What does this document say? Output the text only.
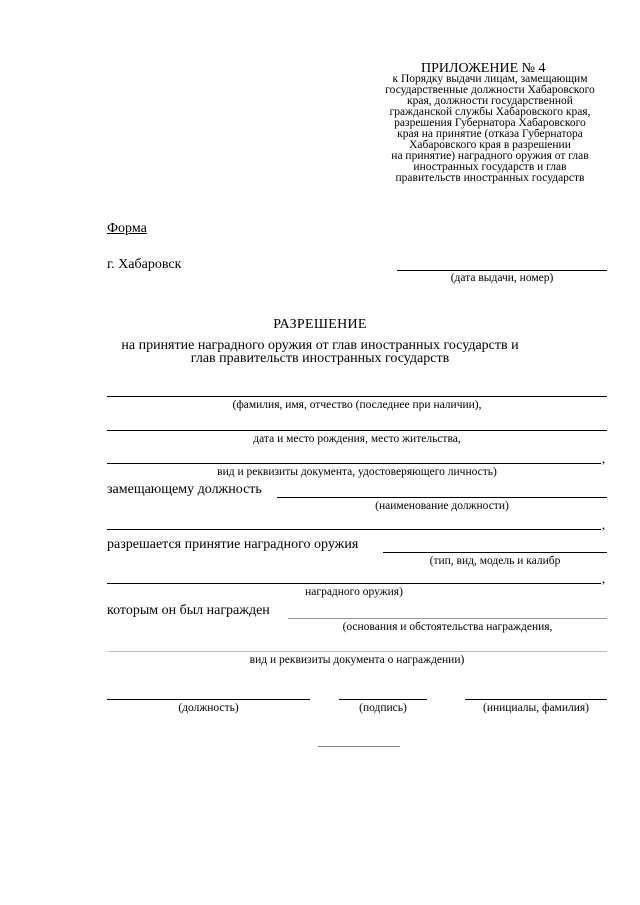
ПРИЛОЖЕНИЕ № 4
к Порядку выдачи лицам, замещающим
государственные должности Хабаровского
края, должности государственной
гражданской службы Хабаровского края,
разрешения Губернатора Хабаровского
края на принятие (отказа Губернатора
Хабаровского края в разрешении
на принятие) наградного оружия от глав
иностранных государств и глав
правительств иностранных государств
Форма
г. Хабаровск
(дата выдачи, номер)
РАЗРЕШЕНИЕ
на принятие наградного оружия от глав иностранных государств и
глав правительств иностранных государств
(фамилия, имя, отчество (последнее при наличии),
дата и место рождения, место жительства,
,
вид и реквизиты документа, удостоверяющего личность)
замещающему должность
(наименование должности)
,
разрешается принятие наградного оружия
(тип, вид, модель и калибр
,
наградного оружия)
которым он был награжден
(основания и обстоятельства награждения,
вид и реквизиты документа о награждении)
(должность)	(подпись)	(инициалы, фамилия)
